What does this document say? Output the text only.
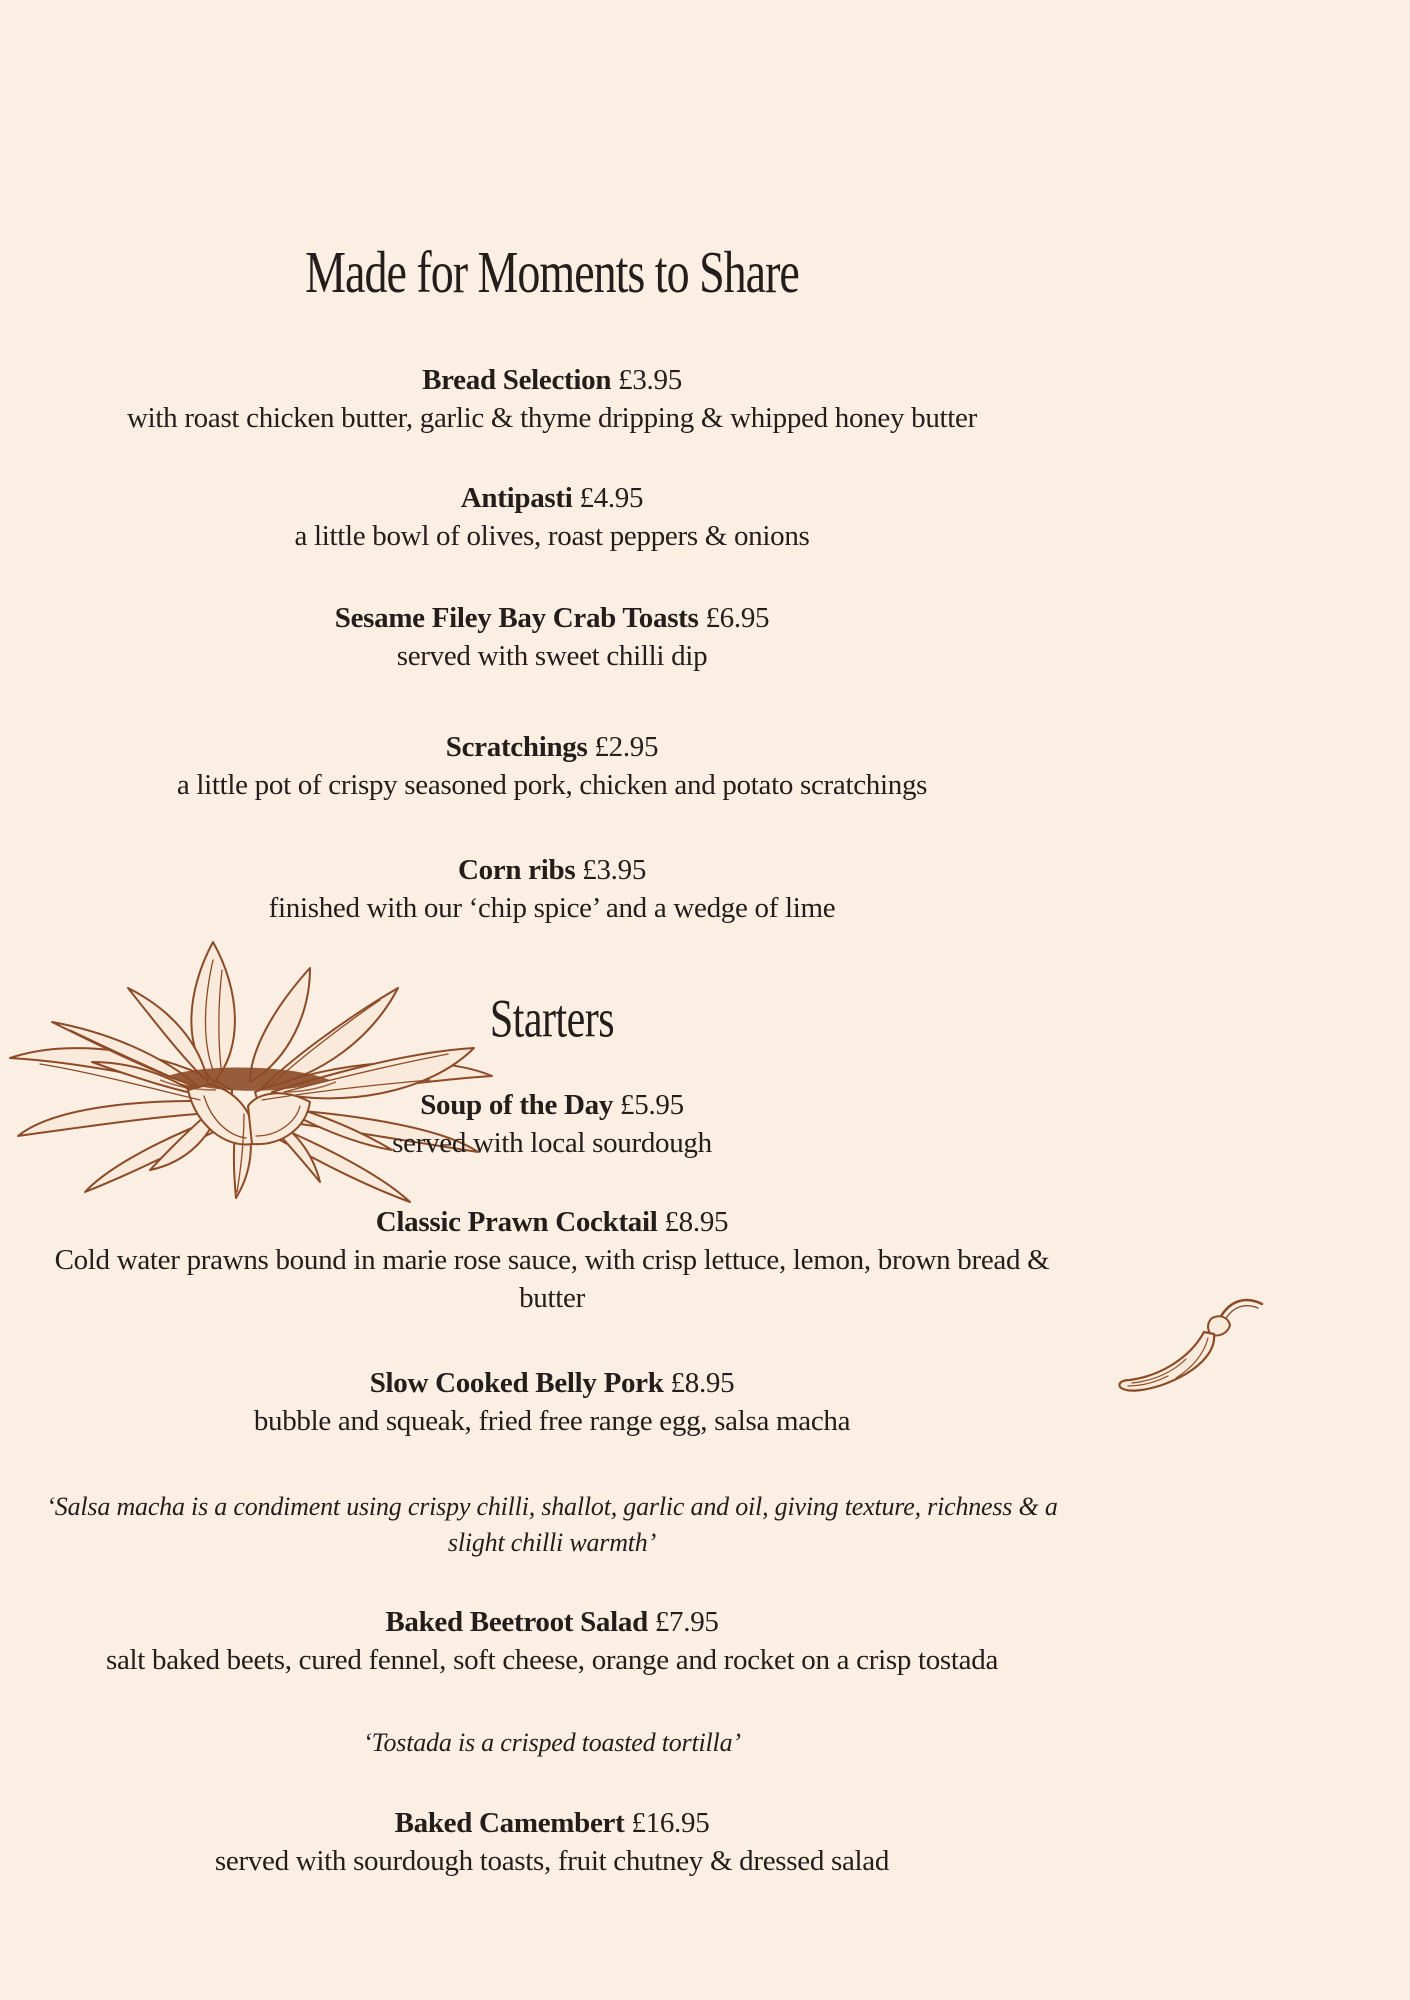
Made for Moments to Share
Bread Selection £3.95
with roast chicken butter, garlic & thyme dripping & whipped honey butter
Antipasti £4.95
a little bowl of olives, roast peppers & onions
Sesame Filey Bay Crab Toasts £6.95
served with sweet chilli dip
Scratchings £2.95
a little pot of crispy seasoned pork, chicken and potato scratchings
Corn ribs £3.95
finished with our ‘chip spice’ and a wedge of lime
Starters
Soup of the Day £5.95
served with local sourdough
Classic Prawn Cocktail £8.95
Cold water prawns bound in marie rose sauce, with crisp lettuce, lemon, brown bread & butter
Slow Cooked Belly Pork £8.95
bubble and squeak, fried free range egg, salsa macha
‘Salsa macha is a condiment using crispy chilli, shallot, garlic and oil, giving texture, richness & a slight chilli warmth’
Baked Beetroot Salad £7.95
salt baked beets, cured fennel, soft cheese, orange and rocket on a crisp tostada
‘Tostada is a crisped toasted tortilla’
Baked Camembert £16.95
served with sourdough toasts, fruit chutney & dressed salad
